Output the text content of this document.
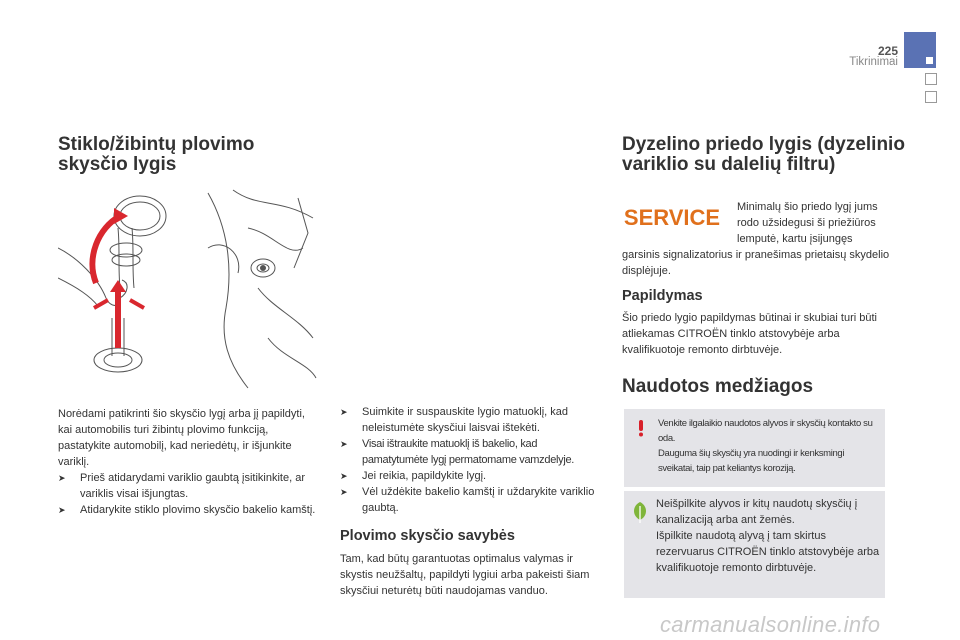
225
Tikrinimai
Stiklo/žibintų plovimo skysčio lygis

Norėdami patikrinti šio skysčio lygį arba jį papildyti, kai automobilis turi žibintų plovimo funkciją, pastatykite automobilį, kad neriedėtų, ir išjunkite variklį.

➤ Prieš atidarydami variklio gaubtą įsitikinkite, ar variklis visai išjungtas.

➤ Atidarykite stiklo plovimo skysčio bakelio kamštį.

➤ Suimkite ir suspauskite lygio matuoklį, kad neleistumėte skysčiui laisvai ištekėti.

➤ Visai ištraukite matuoklį iš bakelio, kad pamatytumėte lygį permatomame vamzdelyje.

➤ Jei reikia, papildykite lygį.

➤ Vėl uždėkite bakelio kamštį ir uždarykite variklio gaubtą.

Plovimo skysčio savybės

Tam, kad būtų garantuotas optimalus valymas ir skystis neužšaltų, papildyti lygiui arba pakeisti šiam skysčiui neturėtų būti naudojamas vanduo.

Dyzelino priedo lygis (dyzelinio variklio su dalelių filtru)
SERVICE Minimalų šio priedo lygį jums rodo užsidegusi ši priežiūros lemputė, kartu įsijungęs

garsinis signalizatorius ir pranešimas prietaisų skydelio displėjuje.

Papildymas

Šio priedo lygio papildymas būtinai ir skubiai turi būti atliekamas CITROËN tinklo atstovybėje arba kvalifikuotoje remonto dirbtuvėje.

Naudotos medžiagos
Venkite ilgalaikio naudotos alyvos ir skysčių kontakto su oda.
Dauguma šių skysčių yra nuodingi ir kenksmingi sveikatai, taip pat keliantys koroziją.
Neišpilkite alyvos ir kitų naudotų skysčių į kanalizaciją arba ant žemės.
Išpilkite naudotą alyvą į tam skirtus rezervuarus CITROËN tinklo atstovybėje arba kvalifikuotoje remonto dirbtuvėje.
carmanualsonline.info
